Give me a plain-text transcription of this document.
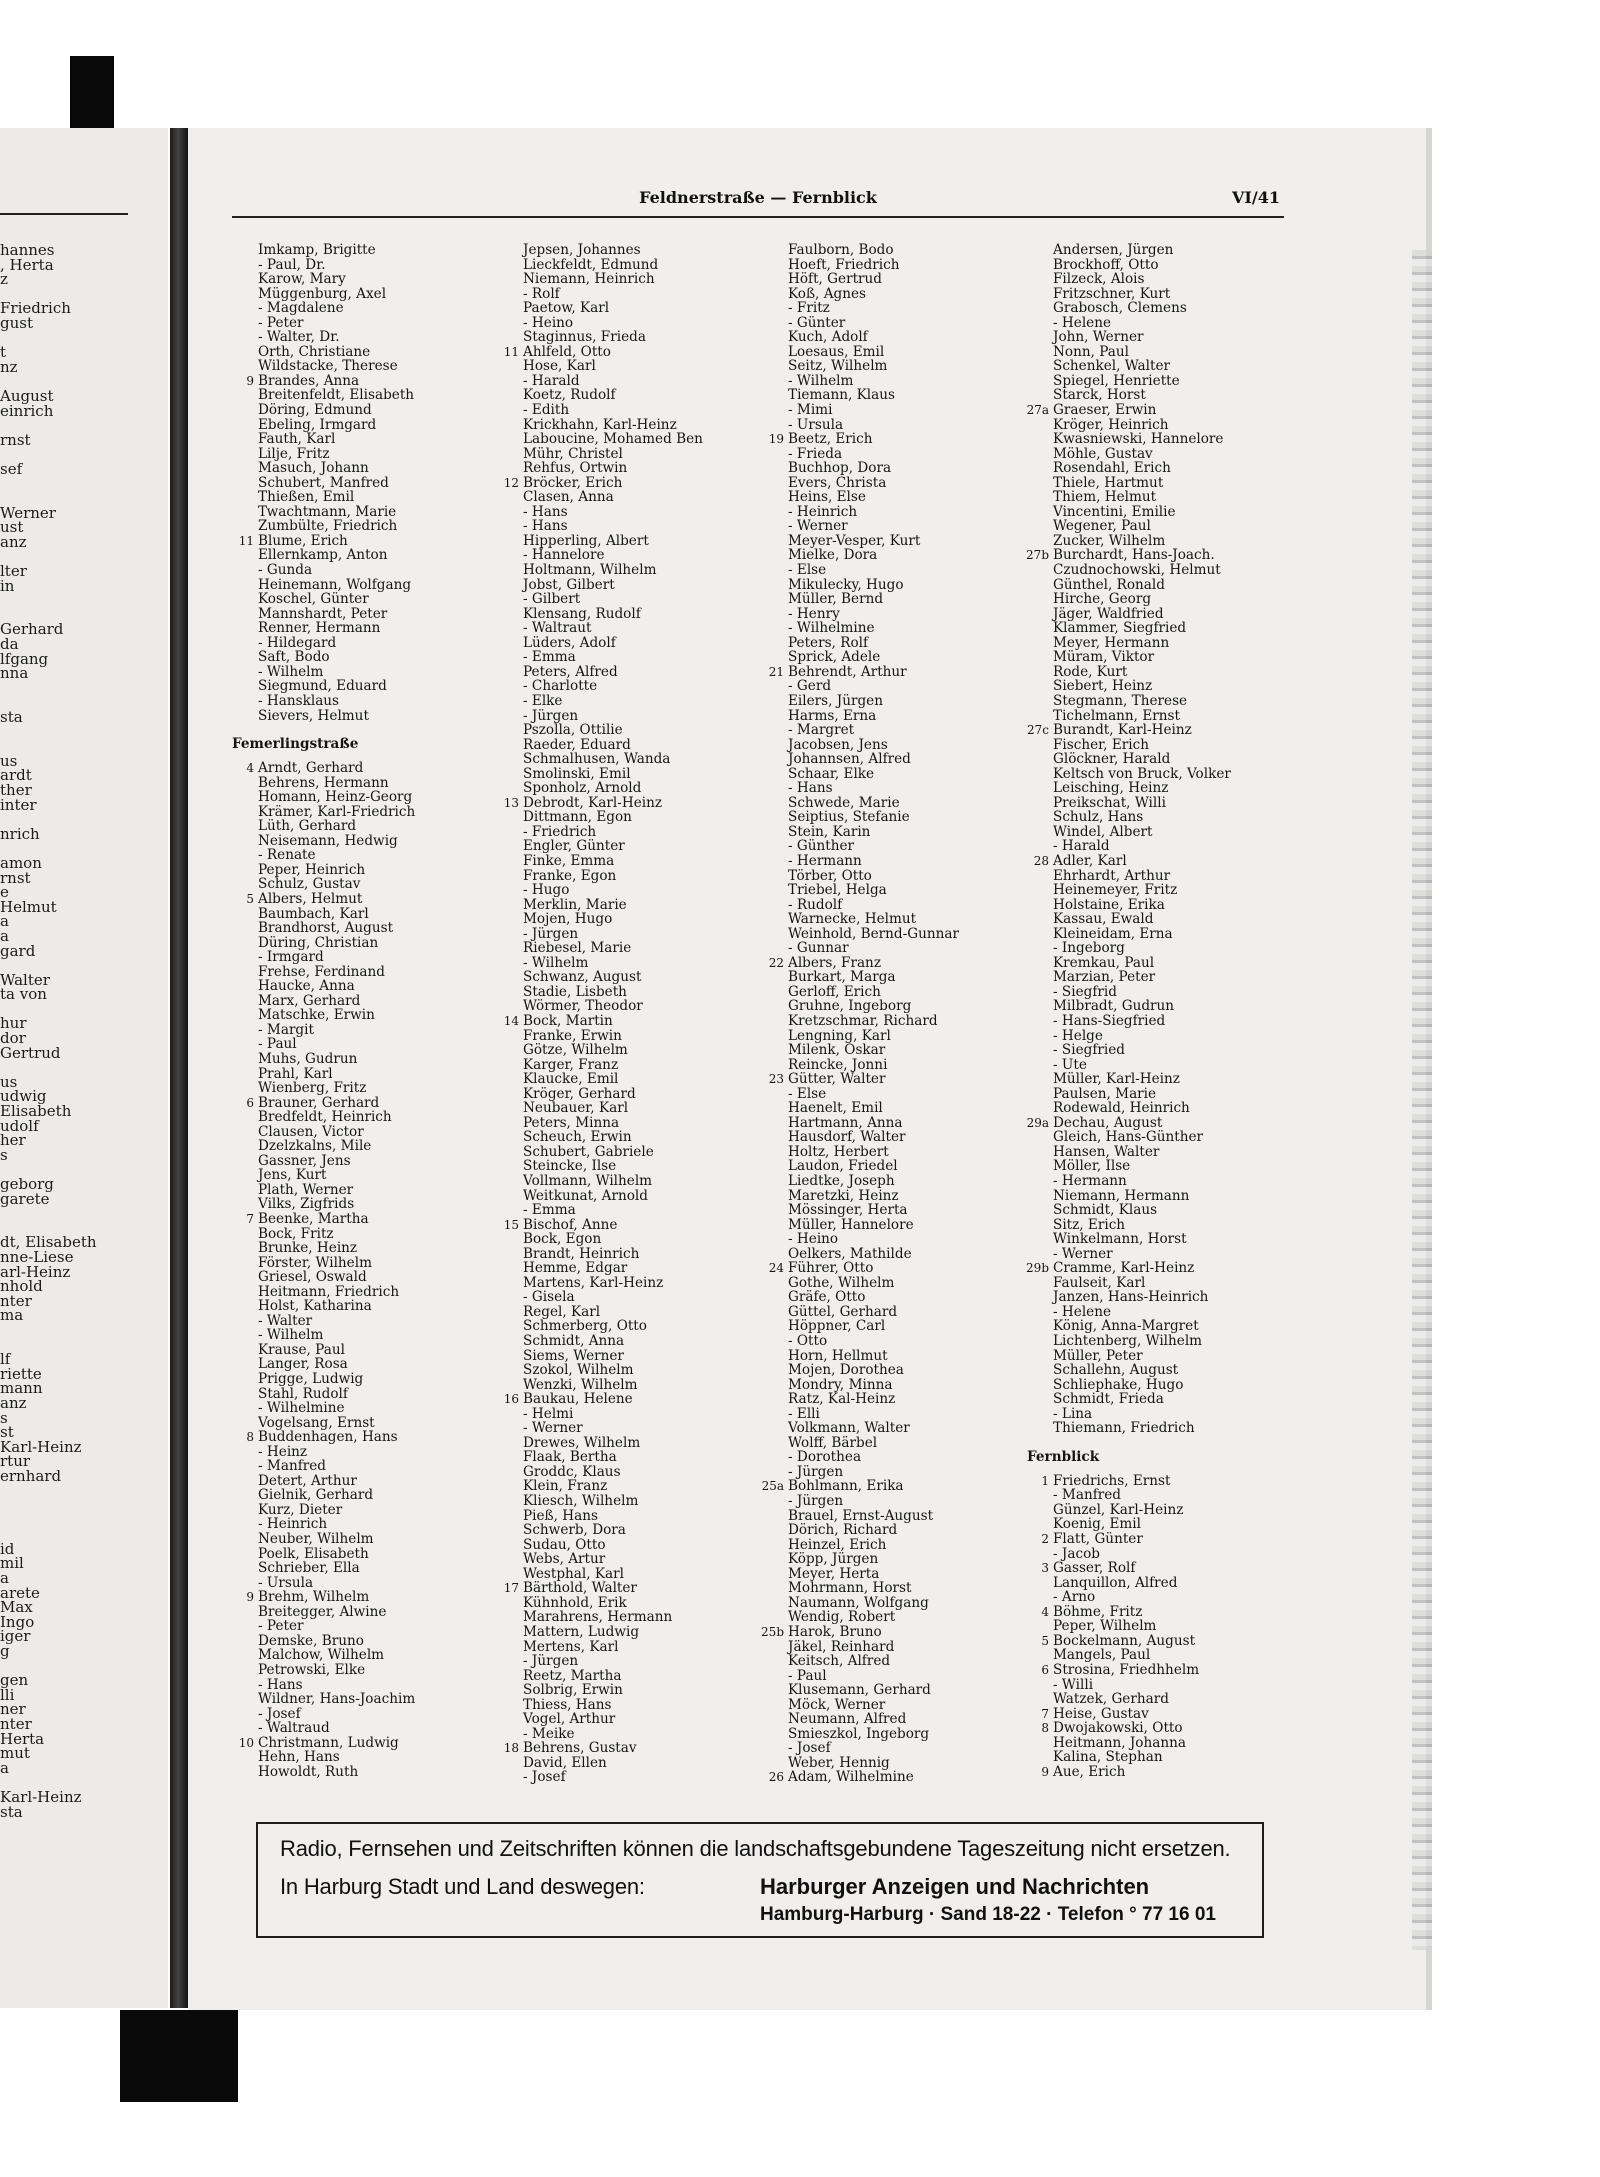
hannes
, Herta
z
Friedrich
gust
t
nz
August
einrich
rnst
sef
Werner
ust
anz
lter
in
Gerhard
da
lfgang
nna
sta
us
ardt
ther
inter
nrich
amon
rnst
e
Helmut
a
a
gard
Walter
ta von
hur
dor
Gertrud
us
udwig
Elisabeth
udolf
her
s
geborg
garete
dt, Elisabeth
nne-Liese
arl-Heinz
nhold
nter
ma
lf
riette
mann
anz
s
st
Karl-Heinz
rtur
ernhard
id
mil
a
arete
Max
Ingo
iger
g
gen
lli
ner
nter
Herta
mut
a
Karl-Heinz
sta
Feldnerstraße — Fernblick	VI/41
Imkamp, Brigitte
- Paul, Dr.
Karow, Mary
Müggenburg, Axel
- Magdalene
- Peter
- Walter, Dr.
Orth, Christiane
Wildstacke, Therese
9 Brandes, Anna
Breitenfeldt, Elisabeth
Döring, Edmund
Ebeling, Irmgard
Fauth, Karl
Lilje, Fritz
Masuch, Johann
Schubert, Manfred
Thießen, Emil
Twachtmann, Marie
Zumbülte, Friedrich
11 Blume, Erich
Ellernkamp, Anton
- Gunda
Heinemann, Wolfgang
Koschel, Günter
Mannshardt, Peter
Renner, Hermann
- Hildegard
Saft, Bodo
- Wilhelm
Siegmund, Eduard
- Hansklaus
Sievers, Helmut
Femerlingstraße
4 Arndt, Gerhard
Behrens, Hermann
Homann, Heinz-Georg
Krämer, Karl-Friedrich
Lüth, Gerhard
Neisemann, Hedwig
- Renate
Peper, Heinrich
Schulz, Gustav
5 Albers, Helmut
Baumbach, Karl
Brandhorst, August
Düring, Christian
- Irmgard
Frehse, Ferdinand
Haucke, Anna
Marx, Gerhard
Matschke, Erwin
- Margit
- Paul
Muhs, Gudrun
Prahl, Karl
Wienberg, Fritz
6 Brauner, Gerhard
Bredfeldt, Heinrich
Clausen, Victor
Dzelzkalns, Mile
Gassner, Jens
Jens, Kurt
Plath, Werner
Vilks, Zigfrids
7 Beenke, Martha
Bock, Fritz
Brunke, Heinz
Förster, Wilhelm
Griesel, Oswald
Heitmann, Friedrich
Holst, Katharina
- Walter
- Wilhelm
Krause, Paul
Langer, Rosa
Prigge, Ludwig
Stahl, Rudolf
- Wilhelmine
Vogelsang, Ernst
8 Buddenhagen, Hans
- Heinz
- Manfred
Detert, Arthur
Gielnik, Gerhard
Kurz, Dieter
- Heinrich
Neuber, Wilhelm
Poelk, Elisabeth
Schrieber, Ella
- Ursula
9 Brehm, Wilhelm
Breitegger, Alwine
- Peter
Demske, Bruno
Malchow, Wilhelm
Petrowski, Elke
- Hans
Wildner, Hans-Joachim
- Josef
- Waltraud
10 Christmann, Ludwig
Hehn, Hans
Howoldt, Ruth
Jepsen, Johannes
Lieckfeldt, Edmund
Niemann, Heinrich
- Rolf
Paetow, Karl
- Heino
Staginnus, Frieda
11 Ahlfeld, Otto
Hose, Karl
- Harald
Koetz, Rudolf
- Edith
Krickhahn, Karl-Heinz
Laboucine, Mohamed Ben
Mühr, Christel
Rehfus, Ortwin
12 Bröcker, Erich
Clasen, Anna
- Hans
- Hans
Hipperling, Albert
- Hannelore
Holtmann, Wilhelm
Jobst, Gilbert
- Gilbert
Klensang, Rudolf
- Waltraut
Lüders, Adolf
- Emma
Peters, Alfred
- Charlotte
- Elke
- Jürgen
Pszolla, Ottilie
Raeder, Eduard
Schmalhusen, Wanda
Smolinski, Emil
Sponholz, Arnold
13 Debrodt, Karl-Heinz
Dittmann, Egon
- Friedrich
Engler, Günter
Finke, Emma
Franke, Egon
- Hugo
Merklin, Marie
Mojen, Hugo
- Jürgen
Riebesel, Marie
- Wilhelm
Schwanz, August
Stadie, Lisbeth
Wörmer, Theodor
14 Bock, Martin
Franke, Erwin
Götze, Wilhelm
Karger, Franz
Klaucke, Emil
Kröger, Gerhard
Neubauer, Karl
Peters, Minna
Scheuch, Erwin
Schubert, Gabriele
Steincke, Ilse
Vollmann, Wilhelm
Weitkunat, Arnold
- Emma
15 Bischof, Anne
Bock, Egon
Brandt, Heinrich
Hemme, Edgar
Martens, Karl-Heinz
- Gisela
Regel, Karl
Schmerberg, Otto
Schmidt, Anna
Siems, Werner
Szokol, Wilhelm
Wenzki, Wilhelm
16 Baukau, Helene
- Helmi
- Werner
Drewes, Wilhelm
Flaak, Bertha
Groddc, Klaus
Klein, Franz
Kliesch, Wilhelm
Pieß, Hans
Schwerb, Dora
Sudau, Otto
Webs, Artur
Westphal, Karl
17 Bärthold, Walter
Kühnhold, Erik
Marahrens, Hermann
Mattern, Ludwig
Mertens, Karl
- Jürgen
Reetz, Martha
Solbrig, Erwin
Thiess, Hans
Vogel, Arthur
- Meike
18 Behrens, Gustav
David, Ellen
- Josef
Faulborn, Bodo
Hoeft, Friedrich
Höft, Gertrud
Koß, Agnes
- Fritz
- Günter
Kuch, Adolf
Loesaus, Emil
Seitz, Wilhelm
- Wilhelm
Tiemann, Klaus
- Mimi
- Ursula
19 Beetz, Erich
- Frieda
Buchhop, Dora
Evers, Christa
Heins, Else
- Heinrich
- Werner
Meyer-Vesper, Kurt
Mielke, Dora
- Else
Mikulecky, Hugo
Müller, Bernd
- Henry
- Wilhelmine
Peters, Rolf
Sprick, Adele
21 Behrendt, Arthur
- Gerd
Eilers, Jürgen
Harms, Erna
- Margret
Jacobsen, Jens
Johannsen, Alfred
Schaar, Elke
- Hans
Schwede, Marie
Seiptius, Stefanie
Stein, Karin
- Günther
- Hermann
Törber, Otto
Triebel, Helga
- Rudolf
Warnecke, Helmut
Weinhold, Bernd-Gunnar
- Gunnar
22 Albers, Franz
Burkart, Marga
Gerloff, Erich
Gruhne, Ingeborg
Kretzschmar, Richard
Lengning, Karl
Milenk, Oskar
Reincke, Jonni
23 Gütter, Walter
- Else
Haenelt, Emil
Hartmann, Anna
Hausdorf, Walter
Holtz, Herbert
Laudon, Friedel
Liedtke, Joseph
Maretzki, Heinz
Mössinger, Herta
Müller, Hannelore
- Heino
Oelkers, Mathilde
24 Führer, Otto
Gothe, Wilhelm
Gräfe, Otto
Güttel, Gerhard
Höppner, Carl
- Otto
Horn, Hellmut
Mojen, Dorothea
Mondry, Minna
Ratz, Kal-Heinz
- Elli
Volkmann, Walter
Wolff, Bärbel
- Dorothea
- Jürgen
25a Bohlmann, Erika
- Jürgen
Brauel, Ernst-August
Dörich, Richard
Heinzel, Erich
Köpp, Jürgen
Meyer, Herta
Mohrmann, Horst
Naumann, Wolfgang
Wendig, Robert
25b Harok, Bruno
Jäkel, Reinhard
Keitsch, Alfred
- Paul
Klusemann, Gerhard
Möck, Werner
Neumann, Alfred
Smieszkol, Ingeborg
- Josef
Weber, Hennig
26 Adam, Wilhelmine
Andersen, Jürgen
Brockhoff, Otto
Filzeck, Alois
Fritzschner, Kurt
Grabosch, Clemens
- Helene
John, Werner
Nonn, Paul
Schenkel, Walter
Spiegel, Henriette
Starck, Horst
27a Graeser, Erwin
Kröger, Heinrich
Kwasniewski, Hannelore
Möhle, Gustav
Rosendahl, Erich
Thiele, Hartmut
Thiem, Helmut
Vincentini, Emilie
Wegener, Paul
Zucker, Wilhelm
27b Burchardt, Hans-Joach.
Czudnochowski, Helmut
Günthel, Ronald
Hirche, Georg
Jäger, Waldfried
Klammer, Siegfried
Meyer, Hermann
Müram, Viktor
Rode, Kurt
Siebert, Heinz
Stegmann, Therese
Tichelmann, Ernst
27c Burandt, Karl-Heinz
Fischer, Erich
Glöckner, Harald
Keltsch von Bruck, Volker
Leisching, Heinz
Preikschat, Willi
Schulz, Hans
Windel, Albert
- Harald
28 Adler, Karl
Ehrhardt, Arthur
Heinemeyer, Fritz
Holstaine, Erika
Kassau, Ewald
Kleineidam, Erna
- Ingeborg
Kremkau, Paul
Marzian, Peter
- Siegfrid
Milbradt, Gudrun
- Hans-Siegfried
- Helge
- Siegfried
- Ute
Müller, Karl-Heinz
Paulsen, Marie
Rodewald, Heinrich
29a Dechau, August
Gleich, Hans-Günther
Hansen, Walter
Möller, Ilse
- Hermann
Niemann, Hermann
Schmidt, Klaus
Sitz, Erich
Winkelmann, Horst
- Werner
29b Cramme, Karl-Heinz
Faulseit, Karl
Janzen, Hans-Heinrich
- Helene
König, Anna-Margret
Lichtenberg, Wilhelm
Müller, Peter
Schallehn, August
Schliephake, Hugo
Schmidt, Frieda
- Lina
Thiemann, Friedrich
Fernblick
1 Friedrichs, Ernst
- Manfred
Günzel, Karl-Heinz
Koenig, Emil
2 Flatt, Günter
- Jacob
3 Gasser, Rolf
Lanquillon, Alfred
- Arno
4 Böhme, Fritz
Peper, Wilhelm
5 Bockelmann, August
Mangels, Paul
6 Strosina, Friedhhelm
- Willi
Watzek, Gerhard
7 Heise, Gustav
8 Dwojakowski, Otto
Heitmann, Johanna
Kalina, Stephan
9 Aue, Erich
Radio, Fernsehen und Zeitschriften können die landschaftsgebundene Tageszeitung nicht ersetzen.
In Harburg Stadt und Land deswegen:	Harburger Anzeigen und Nachrichten
Hamburg-Harburg · Sand 18-22 · Telefon ° 77 16 01
